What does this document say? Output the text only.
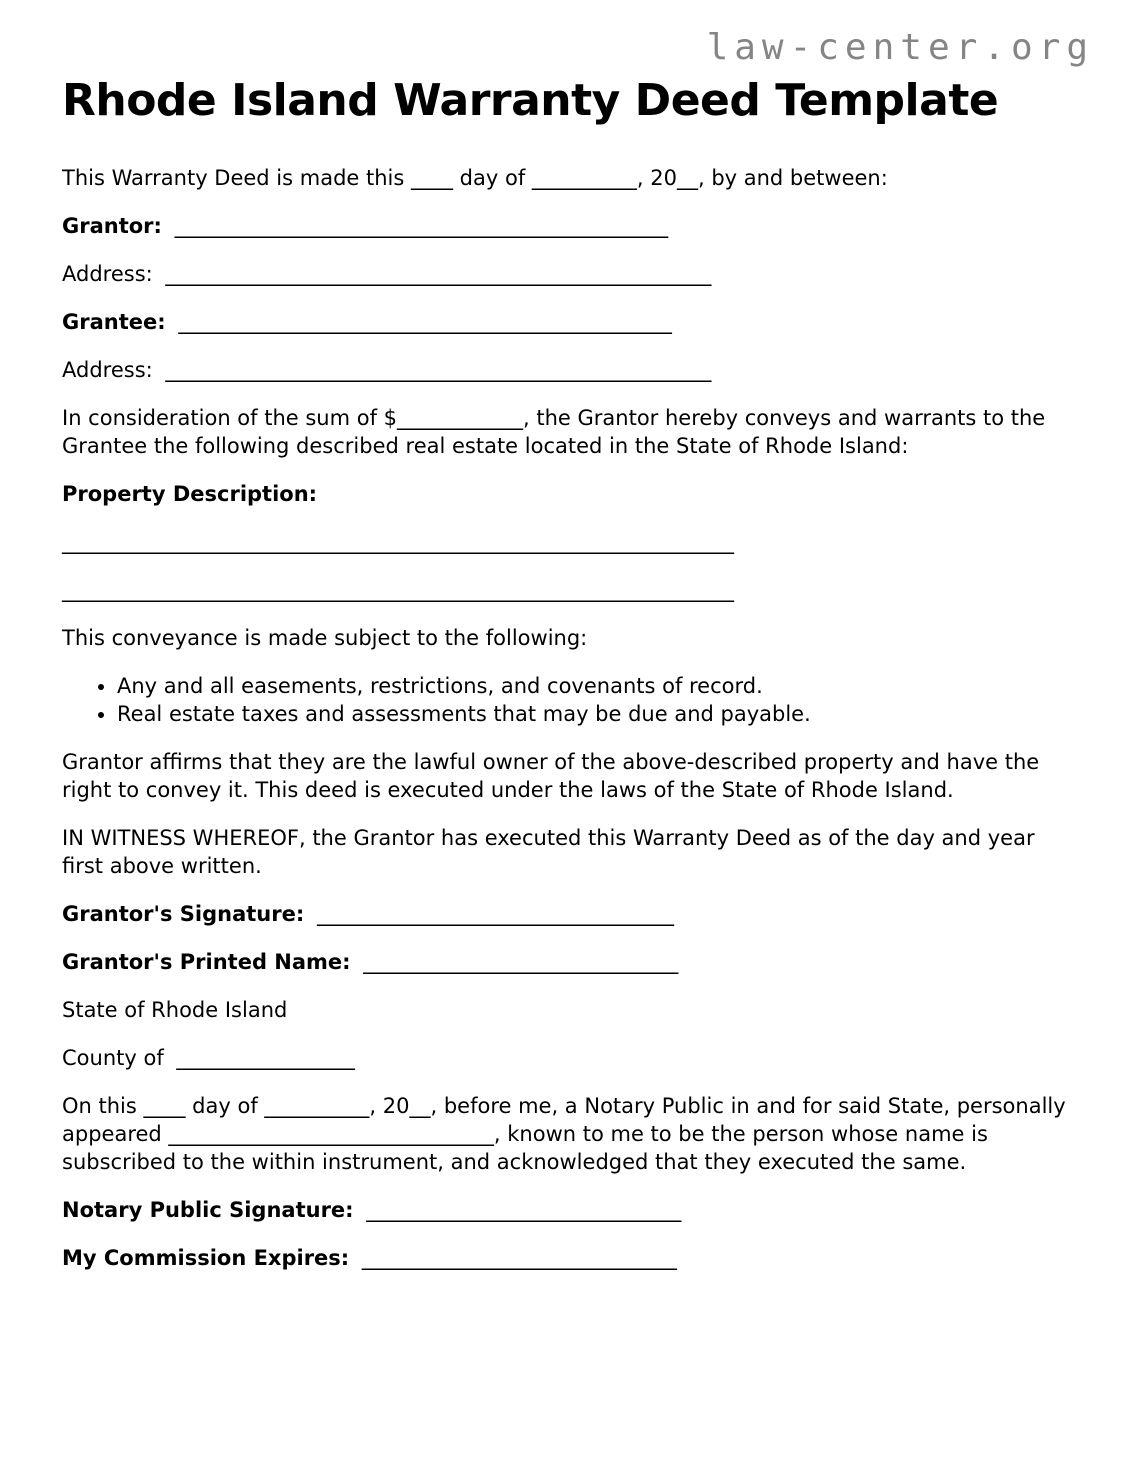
law-center.org
Rhode Island Warranty Deed Template

This Warranty Deed is made this ____ day of __________, 20__, by and between:

Grantor: _______________________________________________

Address: ____________________________________________________

Grantee: _______________________________________________

Address: ____________________________________________________

In consideration of the sum of $____________, the Grantor hereby conveys and warrants to the Grantee the following described real estate located in the State of Rhode Island:

Property Description:

________________________________________________________________

________________________________________________________________

This conveyance is made subject to the following:

• Any and all easements, restrictions, and covenants of record.
• Real estate taxes and assessments that may be due and payable.

Grantor affirms that they are the lawful owner of the above-described property and have the right to convey it. This deed is executed under the laws of the State of Rhode Island.

IN WITNESS WHEREOF, the Grantor has executed this Warranty Deed as of the day and year first above written.

Grantor's Signature: __________________________________

Grantor's Printed Name: ______________________________

State of Rhode Island

County of _________________

On this ____ day of __________, 20__, before me, a Notary Public in and for said State, personally appeared _______________________________, known to me to be the person whose name is subscribed to the within instrument, and acknowledged that they executed the same.

Notary Public Signature: ______________________________

My Commission Expires: ______________________________
